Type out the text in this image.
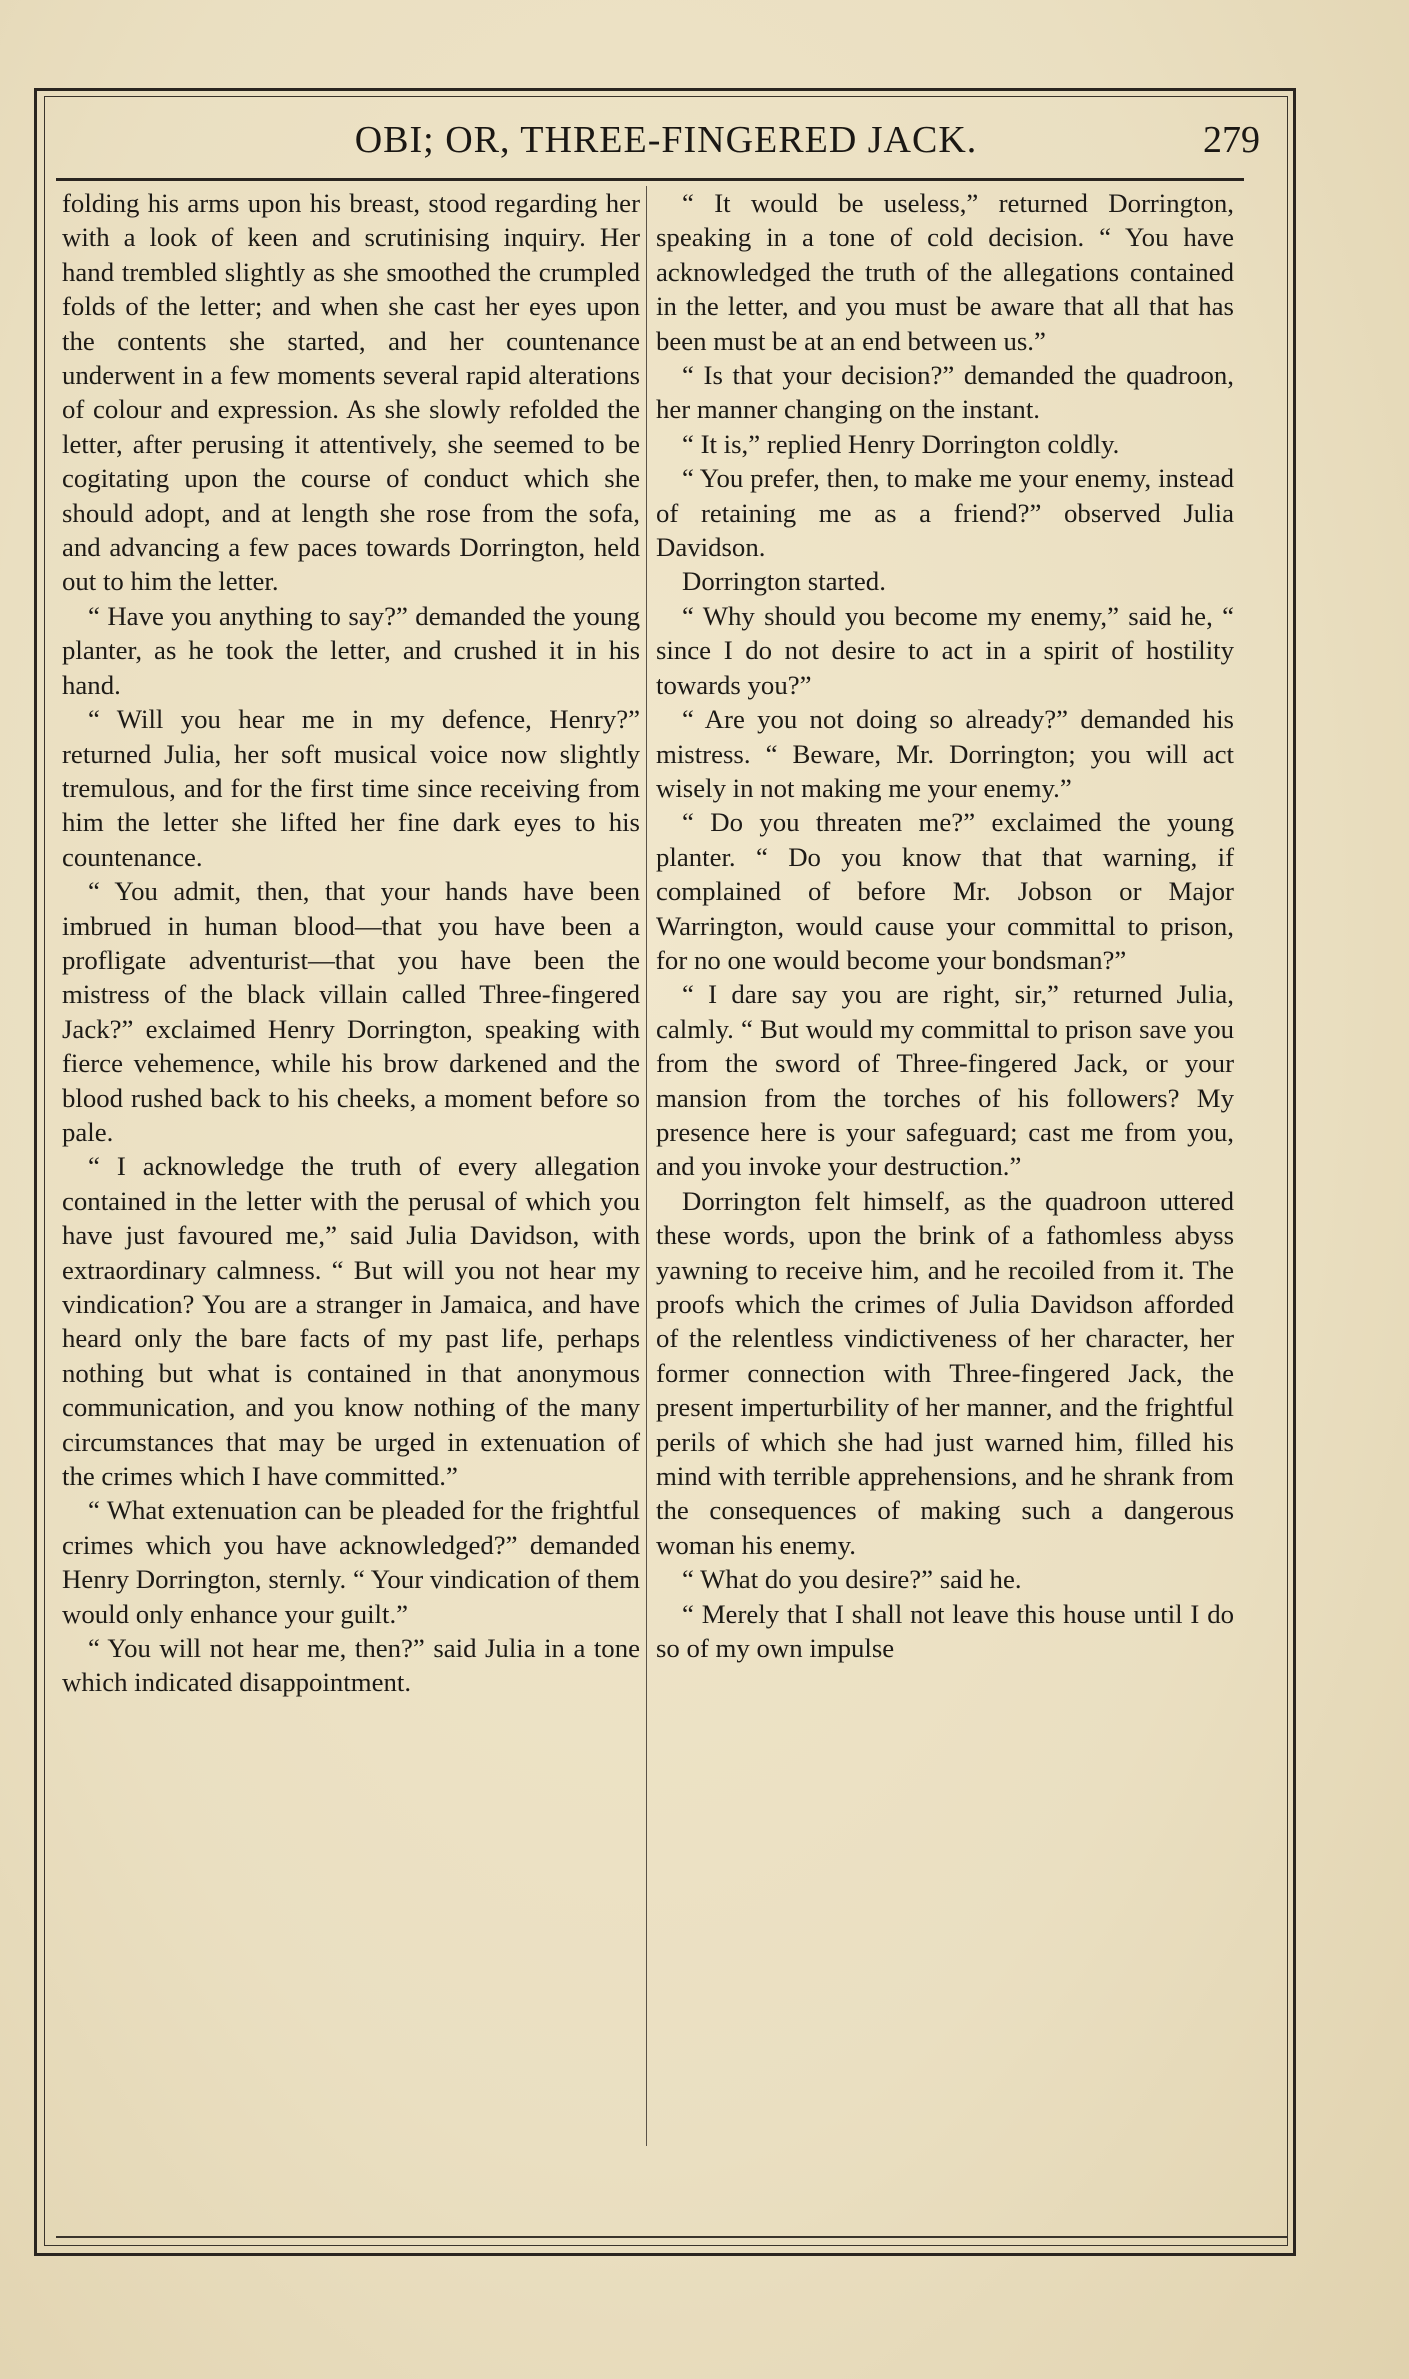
OBI; OR, THREE-FINGERED JACK.	279

folding his arms upon his breast, stood regarding her with a look of keen and scrutinising inquiry. Her hand trembled slightly as she smoothed the crumpled folds of the letter; and when she cast her eyes upon the contents she started, and her countenance underwent in a few moments several rapid alterations of colour and expression. As she slowly refolded the letter, after perusing it attentively, she seemed to be cogitating upon the course of conduct which she should adopt, and at length she rose from the sofa, and advancing a few paces towards Dorrington, held out to him the letter.

“ Have you anything to say?” demanded the young planter, as he took the letter, and crushed it in his hand.

“ Will you hear me in my defence, Henry?” returned Julia, her soft musical voice now slightly tremulous, and for the first time since receiving from him the letter she lifted her fine dark eyes to his countenance.

“ You admit, then, that your hands have been imbrued in human blood—that you have been a profligate adventurist—that you have been the mistress of the black villain called Three-fingered Jack?” exclaimed Henry Dorrington, speaking with fierce vehemence, while his brow darkened and the blood rushed back to his cheeks, a moment before so pale.

“ I acknowledge the truth of every allegation contained in the letter with the perusal of which you have just favoured me,” said Julia Davidson, with extraordinary calmness. “ But will you not hear my vindication? You are a stranger in Jamaica, and have heard only the bare facts of my past life, perhaps nothing but what is contained in that anonymous communication, and you know nothing of the many circumstances that may be urged in extenuation of the crimes which I have committed.”

“ What extenuation can be pleaded for the frightful crimes which you have acknowledged?” demanded Henry Dorrington, sternly. “ Your vindication of them would only enhance your guilt.”

“ You will not hear me, then?” said Julia in a tone which indicated disappointment.

“ It would be useless,” returned Dorrington, speaking in a tone of cold decision. “ You have acknowledged the truth of the allegations contained in the letter, and you must be aware that all that has been must be at an end between us.”

“ Is that your decision?” demanded the quadroon, her manner changing on the instant.

“ It is,” replied Henry Dorrington coldly.

“ You prefer, then, to make me your enemy, instead of retaining me as a friend?” observed Julia Davidson.

Dorrington started.

“ Why should you become my enemy,” said he, “ since I do not desire to act in a spirit of hostility towards you?”

“ Are you not doing so already?” demanded his mistress. “ Beware, Mr. Dorrington; you will act wisely in not making me your enemy.”

“ Do you threaten me?” exclaimed the young planter. “ Do you know that that warning, if complained of before Mr. Jobson or Major Warrington, would cause your committal to prison, for no one would become your bondsman?”

“ I dare say you are right, sir,” returned Julia, calmly. “ But would my committal to prison save you from the sword of Three-fingered Jack, or your mansion from the torches of his followers? My presence here is your safeguard; cast me from you, and you invoke your destruction.”

Dorrington felt himself, as the quadroon uttered these words, upon the brink of a fathomless abyss yawning to receive him, and he recoiled from it. The proofs which the crimes of Julia Davidson afforded of the relentless vindictiveness of her character, her former connection with Three-fingered Jack, the present imperturbility of her manner, and the frightful perils of which she had just warned him, filled his mind with terrible apprehensions, and he shrank from the consequences of making such a dangerous woman his enemy.

“ What do you desire?” said he.

“ Merely that I shall not leave this house until I do so of my own impulse
